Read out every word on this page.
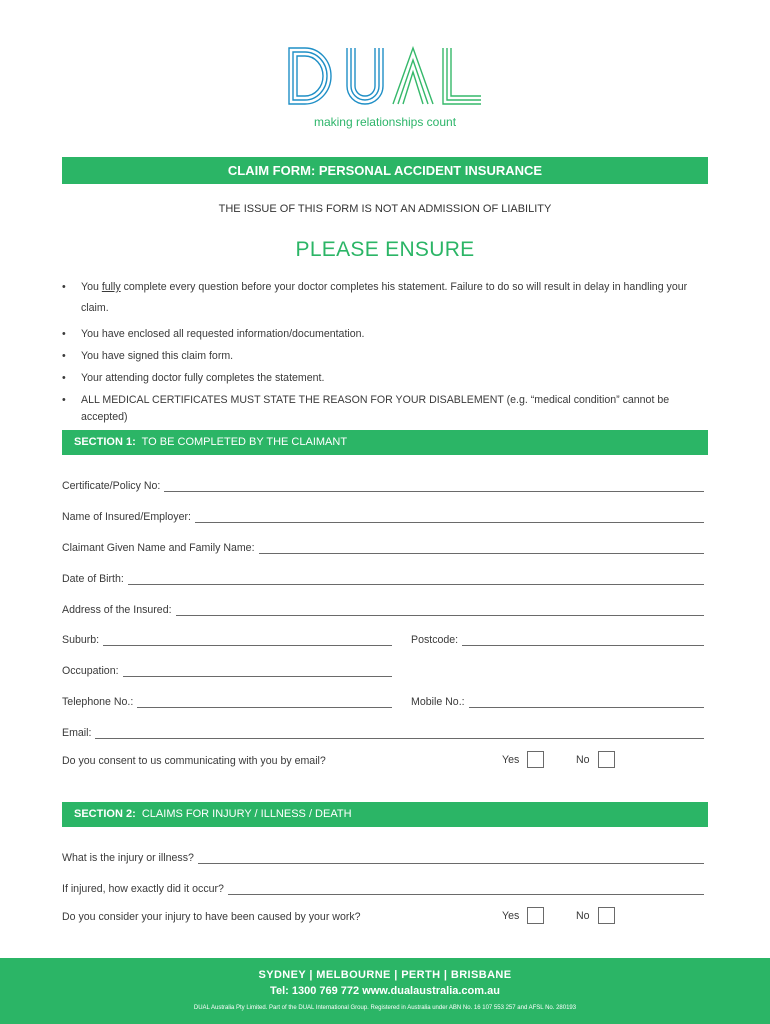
making relationships count
CLAIM FORM: PERSONAL ACCIDENT INSURANCE
THE ISSUE OF THIS FORM IS NOT AN ADMISSION OF LIABILITY
PLEASE ENSURE
• You fully complete every question before your doctor completes his statement. Failure to do so will result in delay in handling your claim.
• You have enclosed all requested information/documentation.
• You have signed this claim form.
• Your attending doctor fully completes the statement.
• ALL MEDICAL CERTIFICATES MUST STATE THE REASON FOR YOUR DISABLEMENT (e.g. “medical condition” cannot be accepted)
SECTION 1: TO BE COMPLETED BY THE CLAIMANT
Certificate/Policy No:
Name of Insured/Employer:
Claimant Given Name and Family Name:
Date of Birth:
Address of the Insured:
Suburb:	Postcode:
Occupation:
Telephone No.:	Mobile No.:
Email:
Do you consent to us communicating with you by email?	Yes	No
SECTION 2: CLAIMS FOR INJURY / ILLNESS / DEATH
What is the injury or illness?
If injured, how exactly did it occur?
Do you consider your injury to have been caused by your work?	Yes	No
SYDNEY | MELBOURNE | PERTH | BRISBANE
Tel: 1300 769 772 www.dualaustralia.com.au
DUAL Australia Pty Limited. Part of the DUAL International Group. Registered in Australia under ABN No. 16 107 553 257 and AFSL No. 280193
